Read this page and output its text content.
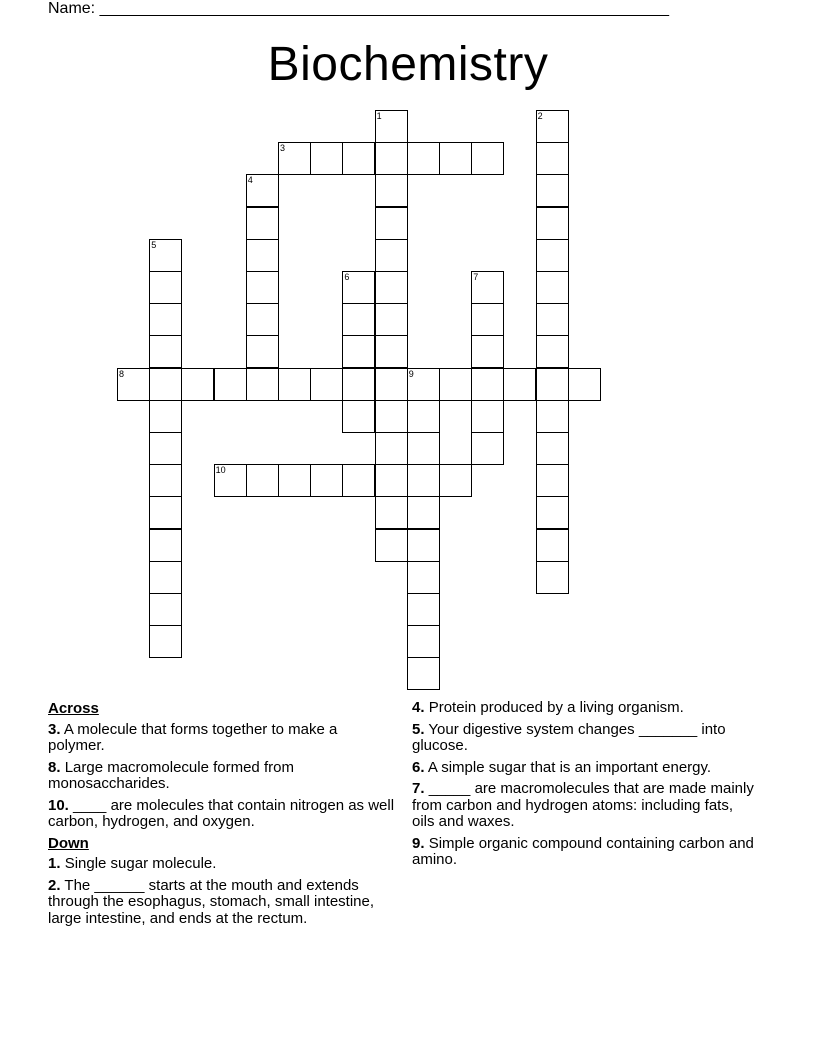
Name: ________________________________________________________________
Biochemistry
1	2
3
4
5
6	7
8	9
10
Across
3. A molecule that forms together to make a polymer.
8. Large macromolecule formed from monosaccharides.
10. ____ are molecules that contain nitrogen as well carbon, hydrogen, and oxygen.
Down
1. Single sugar molecule.
2. The ______ starts at the mouth and extends through the esophagus, stomach, small intestine, large intestine, and ends at the rectum.
4. Protein produced by a living organism.
5. Your digestive system changes _______ into glucose.
6. A simple sugar that is an important energy.
7. _____ are macromolecules that are made mainly from carbon and hydrogen atoms: including fats, oils and waxes.
9. Simple organic compound containing carbon and amino.
